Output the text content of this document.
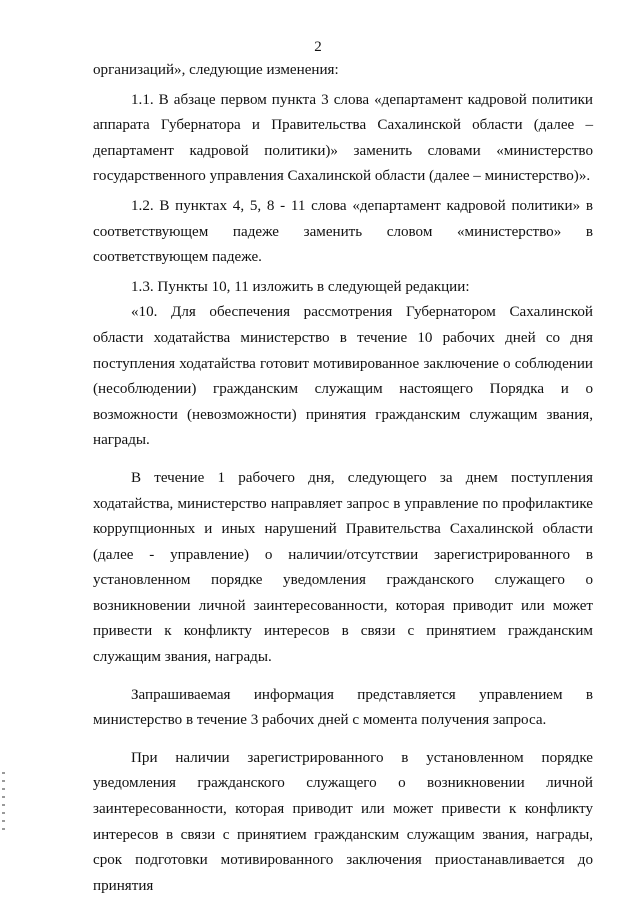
2

организаций», следующие изменения:

1.1. В абзаце первом пункта 3 слова «департамент кадровой политики аппарата Губернатора и Правительства Сахалинской области (далее – департамент кадровой политики)» заменить словами «министерство государственного управления Сахалинской области (далее – министерство)».

1.2. В пунктах 4, 5, 8 - 11 слова «департамент кадровой политики» в соответствующем падеже заменить словом «министерство» в соответствующем падеже.

1.3. Пункты 10, 11 изложить в следующей редакции:

«10. Для обеспечения рассмотрения Губернатором Сахалинской области ходатайства министерство в течение 10 рабочих дней со дня поступления ходатайства готовит мотивированное заключение о соблюдении (несоблюдении) гражданским служащим настоящего Порядка и о возможности (невозможности) принятия гражданским служащим звания, награды.

В течение 1 рабочего дня, следующего за днем поступления ходатайства, министерство направляет запрос в управление по профилактике коррупционных и иных нарушений Правительства Сахалинской области (далее - управление) о наличии/отсутствии зарегистрированного в установленном порядке уведомления гражданского служащего о возникновении личной заинтересованности, которая приводит или может привести к конфликту интересов в связи с принятием гражданским служащим звания, награды.

Запрашиваемая информация представляется управлением в министерство в течение 3 рабочих дней с момента получения запроса.

При наличии зарегистрированного в установленном порядке уведомления гражданского служащего о возникновении личной заинтересованности, которая приводит или может привести к конфликту интересов в связи с принятием гражданским служащим звания, награды, срок подготовки мотивированного заключения приостанавливается до принятия
